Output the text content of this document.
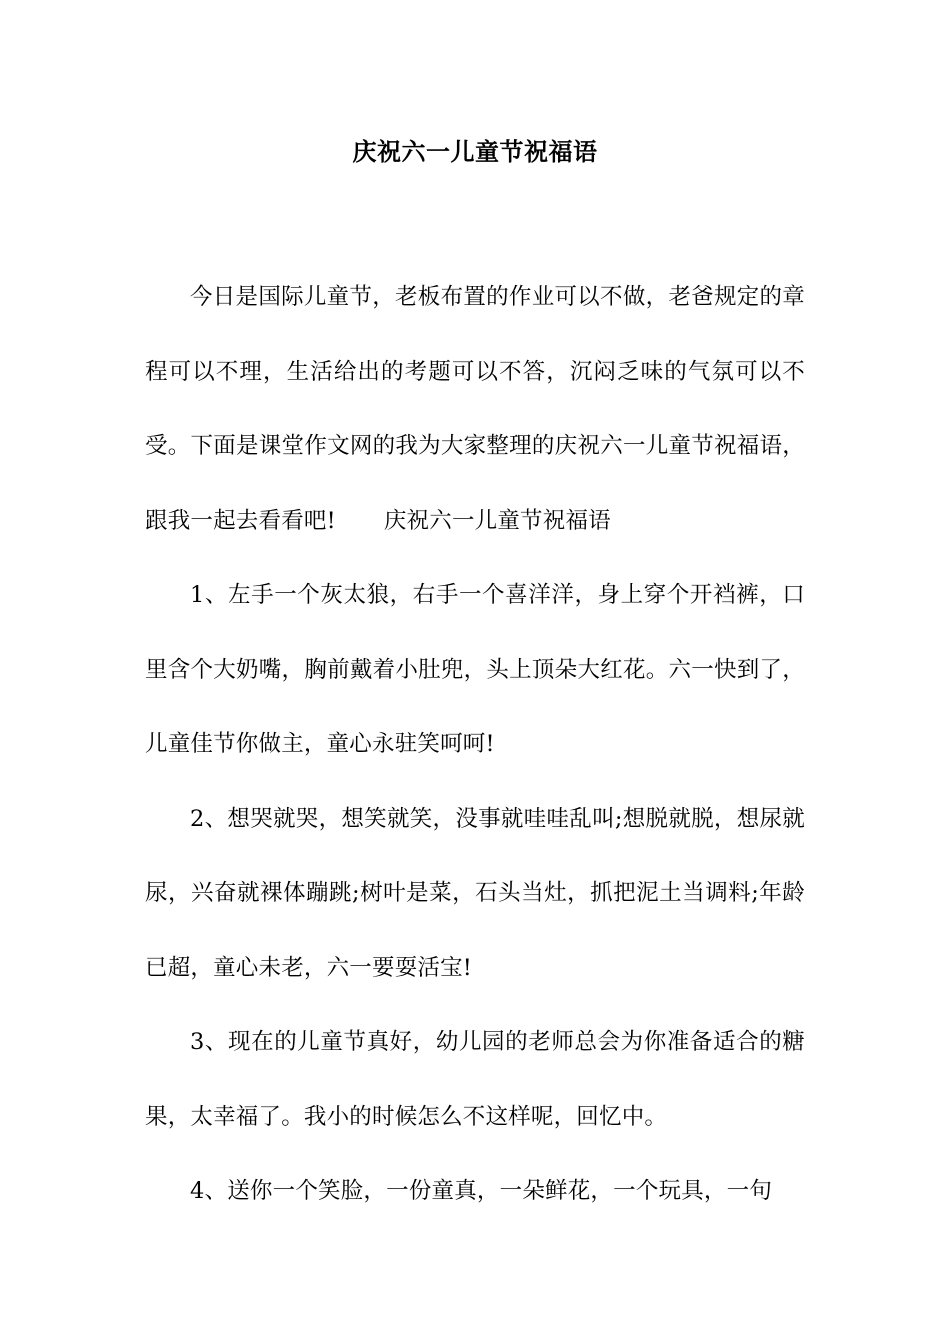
庆祝六一儿童节祝福语

今日是国际儿童节，老板布置的作业可以不做，老爸规定的章程可以不理，生活给出的考题可以不答，沉闷乏味的气氛可以不受。下面是课堂作文网的我为大家整理的庆祝六一儿童节祝福语，跟我一起去看看吧! 庆祝六一儿童节祝福语

1、左手一个灰太狼，右手一个喜洋洋，身上穿个开裆裤，口里含个大奶嘴，胸前戴着小肚兜，头上顶朵大红花。六一快到了，儿童佳节你做主，童心永驻笑呵呵!

2、想哭就哭，想笑就笑，没事就哇哇乱叫;想脱就脱，想尿就尿，兴奋就裸体蹦跳;树叶是菜，石头当灶，抓把泥土当调料;年龄已超，童心未老，六一要耍活宝!

3、现在的儿童节真好，幼儿园的老师总会为你准备适合的糖果，太幸福了。我小的时候怎么不这样呢，回忆中。

4、送你一个笑脸，一份童真，一朵鲜花，一个玩具，一句
